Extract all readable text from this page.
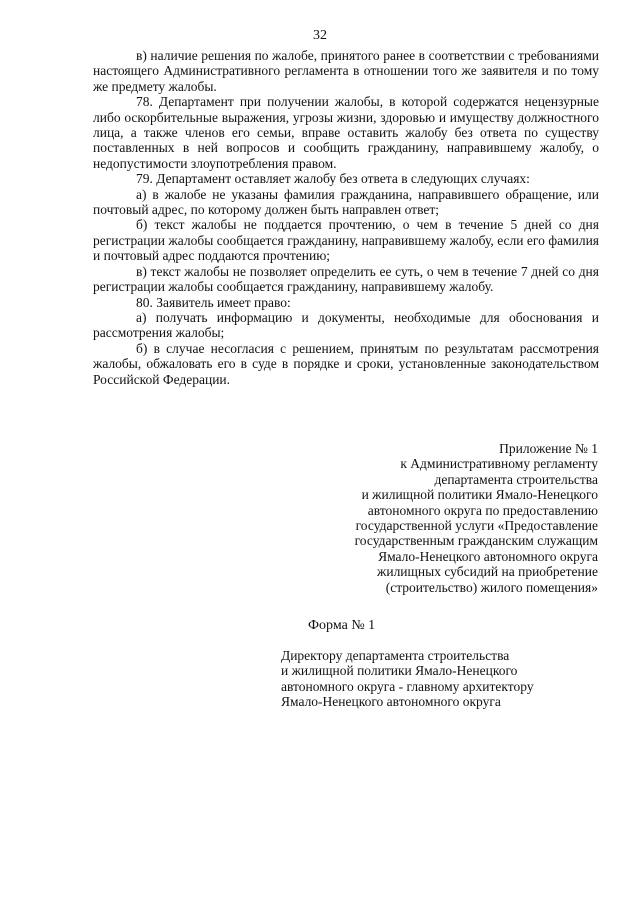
32

в) наличие решения по жалобе, принятого ранее в соответствии с требованиями настоящего Административного регламента в отношении того же заявителя и по тому же предмету жалобы.

78. Департамент при получении жалобы, в которой содержатся нецензурные либо оскорбительные выражения, угрозы жизни, здоровью и имуществу должностного лица, а также членов его семьи, вправе оставить жалобу без ответа по существу поставленных в ней вопросов и сообщить гражданину, направившему жалобу, о недопустимости злоупотребления правом.

79. Департамент оставляет жалобу без ответа в следующих случаях:

а) в жалобе не указаны фамилия гражданина, направившего обращение, или почтовый адрес, по которому должен быть направлен ответ;

б) текст жалобы не поддается прочтению, о чем в течение 5 дней со дня регистрации жалобы сообщается гражданину, направившему жалобу, если его фамилия и почтовый адрес поддаются прочтению;

в) текст жалобы не позволяет определить ее суть, о чем в течение 7 дней со дня регистрации жалобы сообщается гражданину, направившему жалобу.

80. Заявитель имеет право:

а) получать информацию и документы, необходимые для обоснования и рассмотрения жалобы;

б) в случае несогласия с решением, принятым по результатам рассмотрения жалобы, обжаловать его в суде в порядке и сроки, установленные законодательством Российской Федерации.

Приложение № 1
к Административному регламенту
департамента строительства
и жилищной политики Ямало-Ненецкого
автономного округа по предоставлению
государственной услуги «Предоставление
государственным гражданским служащим
Ямало-Ненецкого автономного округа
жилищных субсидий на приобретение
(строительство) жилого помещения»
Форма № 1
Директору департамента строительства
и жилищной политики Ямало-Ненецкого
автономного округа - главному архитектору
Ямало-Ненецкого автономного округа
